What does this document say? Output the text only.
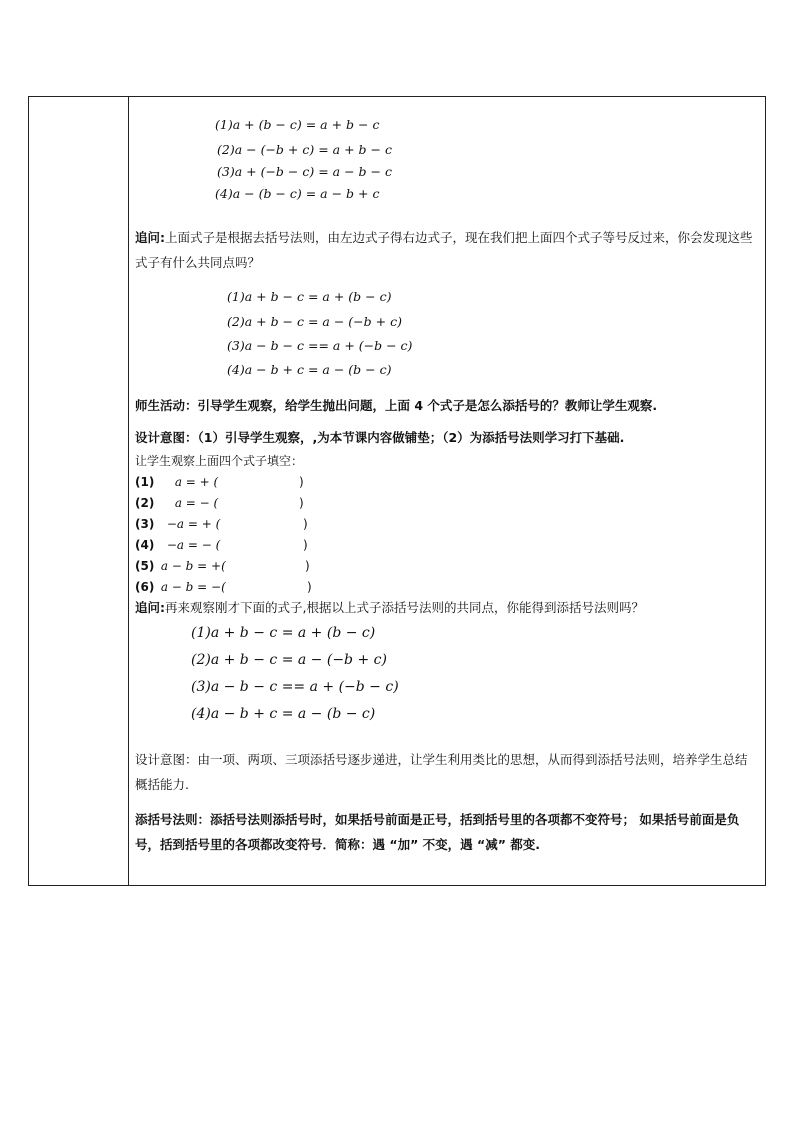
(1)a + (b − c) = a + b − c
(2)a − (−b + c) = a + b − c
(3)a + (−b − c) = a − b − c
(4)a − (b − c) = a − b + c
追问:上面式子是根据去括号法则，由左边式子得右边式子，现在我们把上面四个式子等号反过来，你会发现这些式子有什么共同点吗？
(1)a + b − c = a + (b − c)
(2)a + b − c = a − (−b + c)
(3)a − b − c == a + (−b − c)
(4)a − b + c = a − (b − c)
师生活动：引导学生观察，给学生抛出问题，上面 4 个式子是怎么添括号的？教师让学生观察.
设计意图：（1）引导学生观察，,为本节课内容做铺垫；（2）为添括号法则学习打下基础.
让学生观察上面四个式子填空：
(1) a = + (	)
(2) a = − (	)
(3) −a = + (	)
(4) −a = − (	)
(5) a − b = +(	)
(6) a − b = −(	)
追问:再来观察刚才下面的式子,根据以上式子添括号法则的共同点，你能得到添括号法则吗？
(1)a + b − c = a + (b − c)
(2)a + b − c = a − (−b + c)
(3)a − b − c == a + (−b − c)
(4)a − b + c = a − (b − c)
设计意图：由一项、两项、三项添括号逐步递进，让学生利用类比的思想，从而得到添括号法则，培养学生总结概括能力.
添括号法则：添括号法则添括号时，如果括号前面是正号，括到括号里的各项都不变符号； 如果括号前面是负号，括到括号里的各项都改变符号．简称：遇 “加” 不变，遇 “减” 都变.
